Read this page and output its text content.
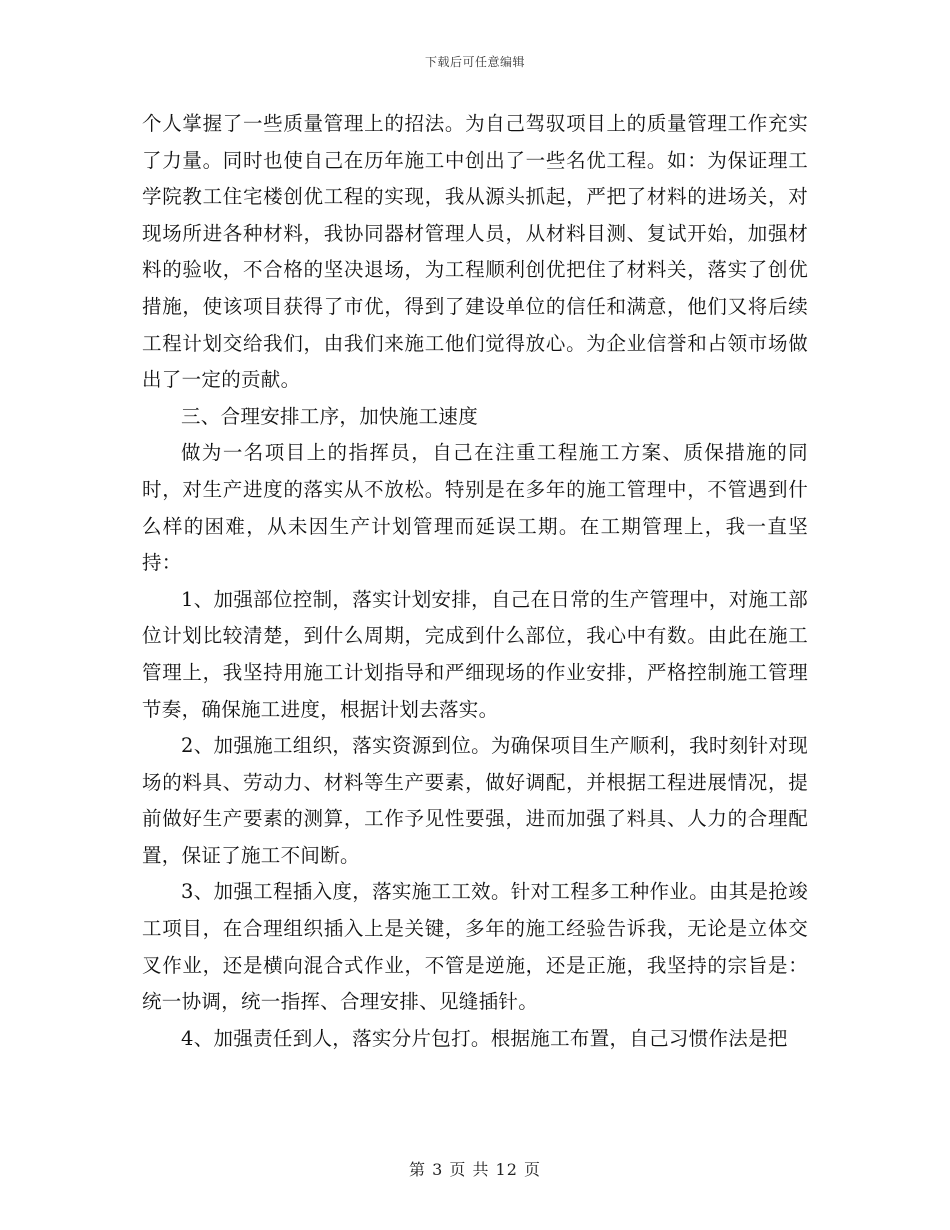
下载后可任意编辑

个人掌握了一些质量管理上的招法。为自己驾驭项目上的质量管理工作充实了力量。同时也使自己在历年施工中创出了一些名优工程。如：为保证理工学院教工住宅楼创优工程的实现，我从源头抓起，严把了材料的进场关，对现场所进各种材料，我协同器材管理人员，从材料目测、复试开始，加强材料的验收，不合格的坚决退场，为工程顺利创优把住了材料关，落实了创优措施，使该项目获得了市优，得到了建设单位的信任和满意，他们又将后续工程计划交给我们，由我们来施工他们觉得放心。为企业信誉和占领市场做出了一定的贡献。

三、合理安排工序，加快施工速度

做为一名项目上的指挥员，自己在注重工程施工方案、质保措施的同时，对生产进度的落实从不放松。特别是在多年的施工管理中，不管遇到什么样的困难，从未因生产计划管理而延误工期。在工期管理上，我一直坚持：

1、加强部位控制，落实计划安排，自己在日常的生产管理中，对施工部位计划比较清楚，到什么周期，完成到什么部位，我心中有数。由此在施工管理上，我坚持用施工计划指导和严细现场的作业安排，严格控制施工管理节奏，确保施工进度，根据计划去落实。

2、加强施工组织，落实资源到位。为确保项目生产顺利，我时刻针对现场的料具、劳动力、材料等生产要素，做好调配，并根据工程进展情况，提前做好生产要素的测算，工作予见性要强，进而加强了料具、人力的合理配置，保证了施工不间断。

3、加强工程插入度，落实施工工效。针对工程多工种作业。由其是抢竣工项目，在合理组织插入上是关键，多年的施工经验告诉我，无论是立体交叉作业，还是横向混合式作业，不管是逆施，还是正施，我坚持的宗旨是：统一协调，统一指挥、合理安排、见缝插针。

4、加强责任到人，落实分片包打。根据施工布置，自己习惯作法是把

第 3 页 共 12 页
